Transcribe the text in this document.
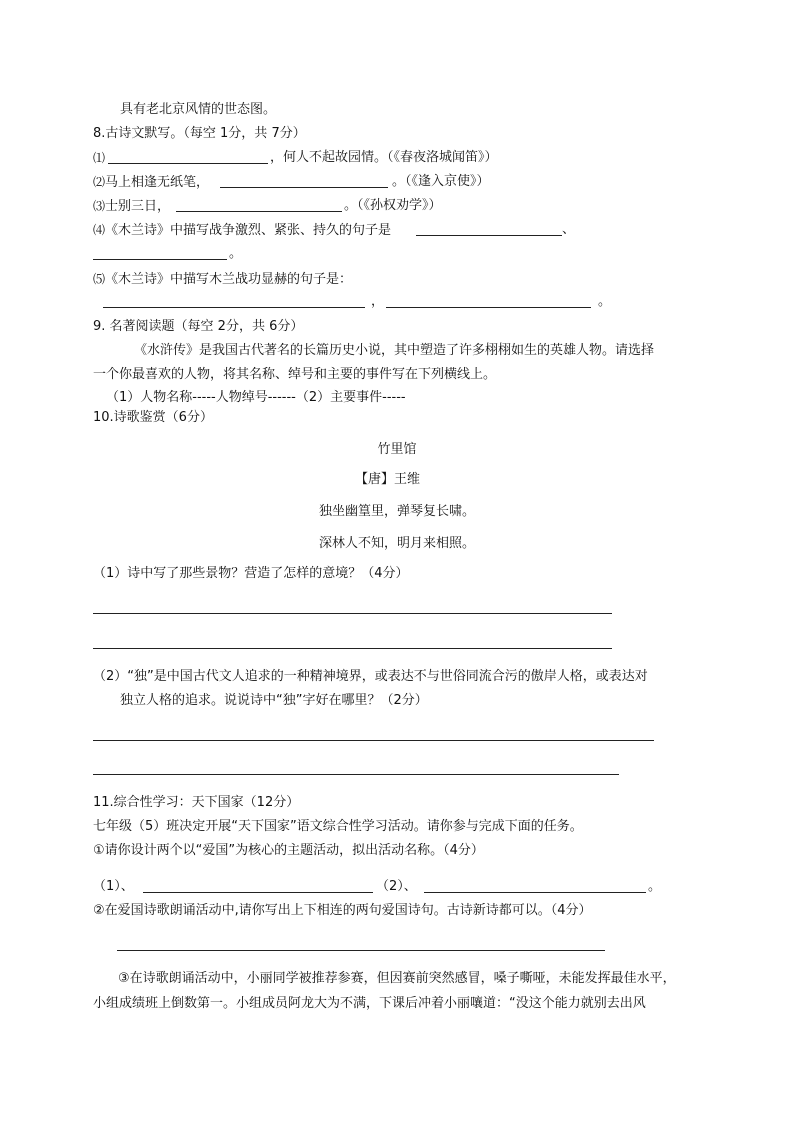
具有老北京风情的世态图。
8.古诗文默写。（每空 1分，共 7分）
⑴	，何人不起故园情。（《春夜洛城闻笛》）
⑵马上相逢无纸笔，	。（《逢入京使》）
⑶士别三日，	。（《孙权劝学》）
⑷《木兰诗》中描写战争激烈、紧张、持久的句子是	、
。
⑸《木兰诗》中描写木兰战功显赫的句子是：
，	。
9. 名著阅读题（每空 2分，共 6分）
《水浒传》是我国古代著名的长篇历史小说，其中塑造了许多栩栩如生的英雄人物。请选择
一个你最喜欢的人物，将其名称、绰号和主要的事件写在下列横线上。
（1）人物名称-----人物绰号------（2）主要事件-----
10.诗歌鉴赏（6分）
竹里馆
【唐】王维
独坐幽篁里，弹琴复长啸。
深林人不知，明月来相照。
（1）诗中写了那些景物？营造了怎样的意境？（4分）
（2）“独”是中国古代文人追求的一种精神境界，或表达不与世俗同流合污的傲岸人格，或表达对
独立人格的追求。说说诗中“独”字好在哪里？（2分）
11.综合性学习：天下国家（12分）
七年级（5）班决定开展“天下国家”语文综合性学习活动。请你参与完成下面的任务。
①请你设计两个以“爱国”为核心的主题活动，拟出活动名称。（4分）
（1）、	（2）、	。
②在爱国诗歌朗诵活动中,请你写出上下相连的两句爱国诗句。古诗新诗都可以。（4分）
③在诗歌朗诵活动中，小丽同学被推荐参赛，但因赛前突然感冒，嗓子嘶哑，未能发挥最佳水平，
小组成绩班上倒数第一。小组成员阿龙大为不满，下课后冲着小丽嚷道：“没这个能力就别去出风
